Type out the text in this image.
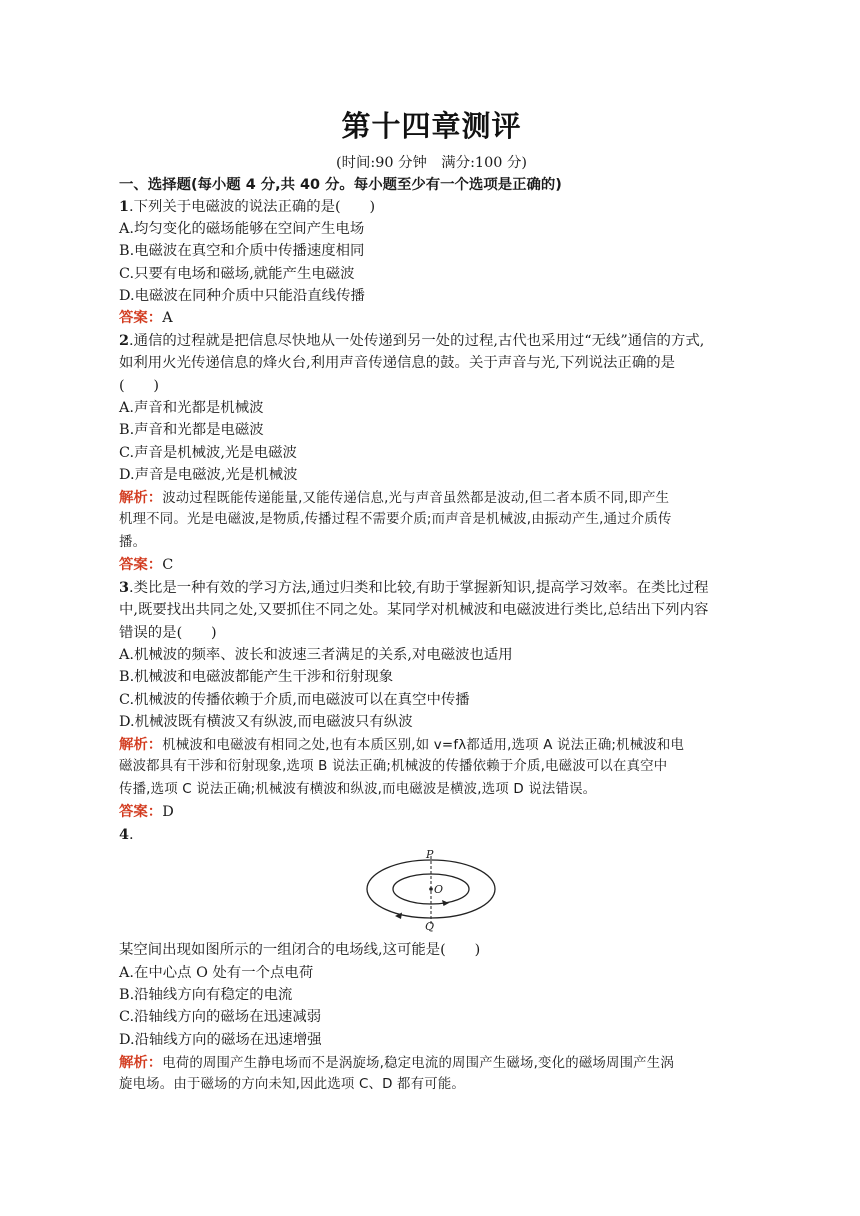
第十四章测评
(时间:90 分钟　满分:100 分)
一、选择题(每小题 4 分,共 40 分。每小题至少有一个选项是正确的)
1.下列关于电磁波的说法正确的是(　　)
A.均匀变化的磁场能够在空间产生电场
B.电磁波在真空和介质中传播速度相同
C.只要有电场和磁场,就能产生电磁波
D.电磁波在同种介质中只能沿直线传播
答案：A
2.通信的过程就是把信息尽快地从一处传递到另一处的过程,古代也采用过“无线”通信的方式,
如利用火光传递信息的烽火台,利用声音传递信息的鼓。关于声音与光,下列说法正确的是
(　　)
A.声音和光都是机械波
B.声音和光都是电磁波
C.声音是机械波,光是电磁波
D.声音是电磁波,光是机械波
解析：波动过程既能传递能量,又能传递信息,光与声音虽然都是波动,但二者本质不同,即产生
机理不同。光是电磁波,是物质,传播过程不需要介质;而声音是机械波,由振动产生,通过介质传
播。
答案：C
3.类比是一种有效的学习方法,通过归类和比较,有助于掌握新知识,提高学习效率。在类比过程
中,既要找出共同之处,又要抓住不同之处。某同学对机械波和电磁波进行类比,总结出下列内容
错误的是(　　)
A.机械波的频率、波长和波速三者满足的关系,对电磁波也适用
B.机械波和电磁波都能产生干涉和衍射现象
C.机械波的传播依赖于介质,而电磁波可以在真空中传播
D.机械波既有横波又有纵波,而电磁波只有纵波
解析：机械波和电磁波有相同之处,也有本质区别,如 v=fλ都适用,选项 A 说法正确;机械波和电
磁波都具有干涉和衍射现象,选项 B 说法正确;机械波的传播依赖于介质,电磁波可以在真空中
传播,选项 C 说法正确;机械波有横波和纵波,而电磁波是横波,选项 D 说法错误。
答案：D
4.
P
O
Q
某空间出现如图所示的一组闭合的电场线,这可能是(　　)
A.在中心点 O 处有一个点电荷
B.沿轴线方向有稳定的电流
C.沿轴线方向的磁场在迅速减弱
D.沿轴线方向的磁场在迅速增强
解析：电荷的周围产生静电场而不是涡旋场,稳定电流的周围产生磁场,变化的磁场周围产生涡
旋电场。由于磁场的方向未知,因此选项 C、D 都有可能。
